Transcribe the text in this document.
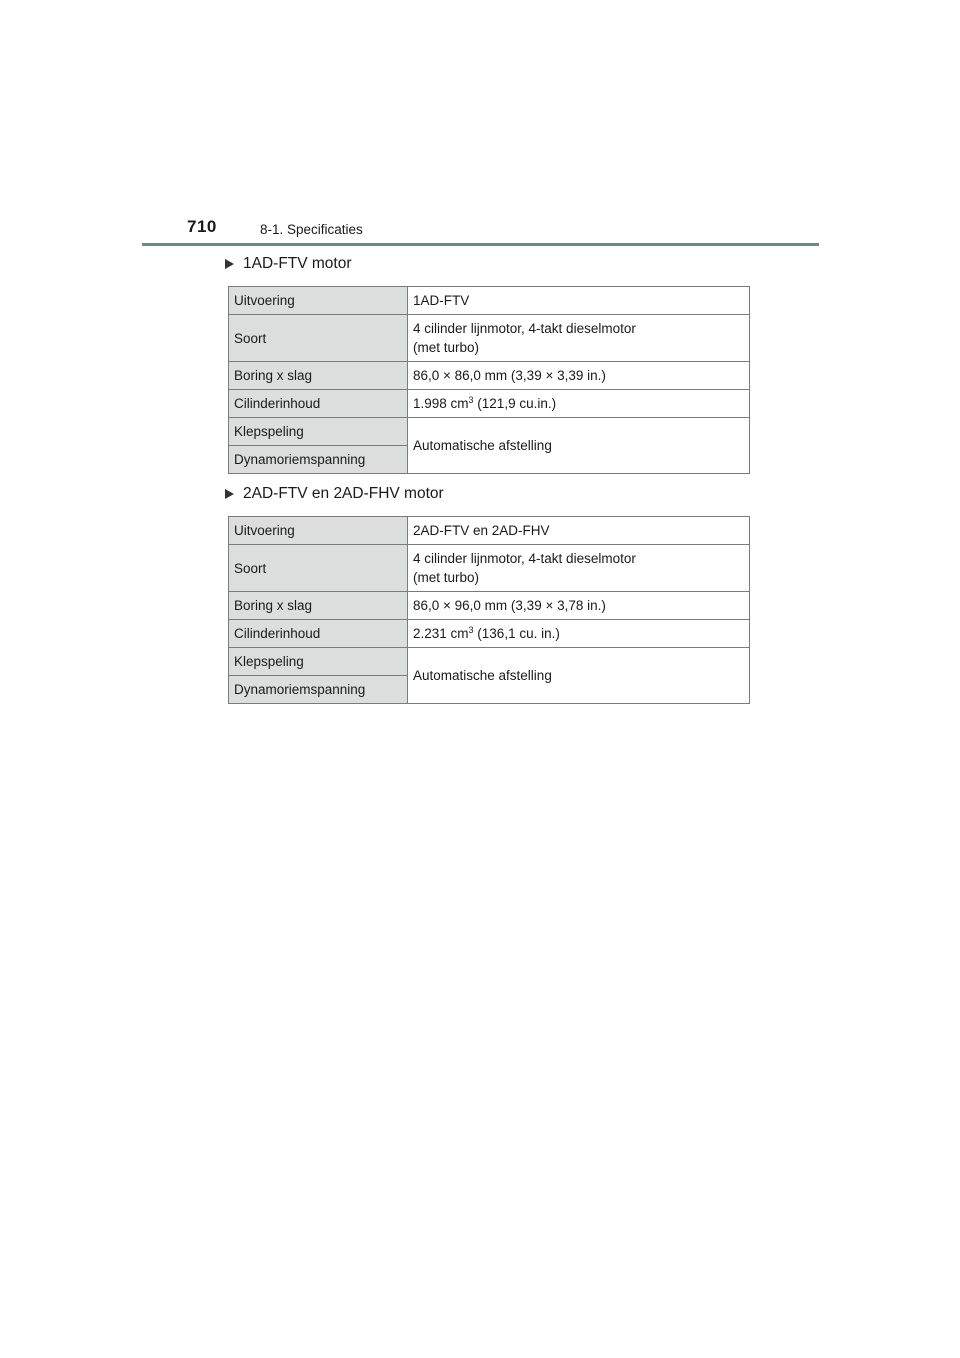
710	8-1. Specificaties
1AD-FTV motor
Uitvoering	1AD-FTV
Soort	4 cilinder lijnmotor, 4-takt dieselmotor
(met turbo)
Boring x slag	86,0 × 86,0 mm (3,39 × 3,39 in.)
Cilinderinhoud	1.998 $cm^3$ (121,9 cu.in.)
Klepspeling	Automatische afstelling
Dynamoriemspanning	
2AD-FTV en 2AD-FHV motor
Uitvoering	2AD-FTV en 2AD-FHV
Soort	4 cilinder lijnmotor, 4-takt dieselmotor
(met turbo)
Boring x slag	86,0 × 96,0 mm (3,39 × 3,78 in.)
Cilinderinhoud	2.231 $cm^3$ (136,1 cu. in.)
Klepspeling	Automatische afstelling
Dynamoriemspanning	
